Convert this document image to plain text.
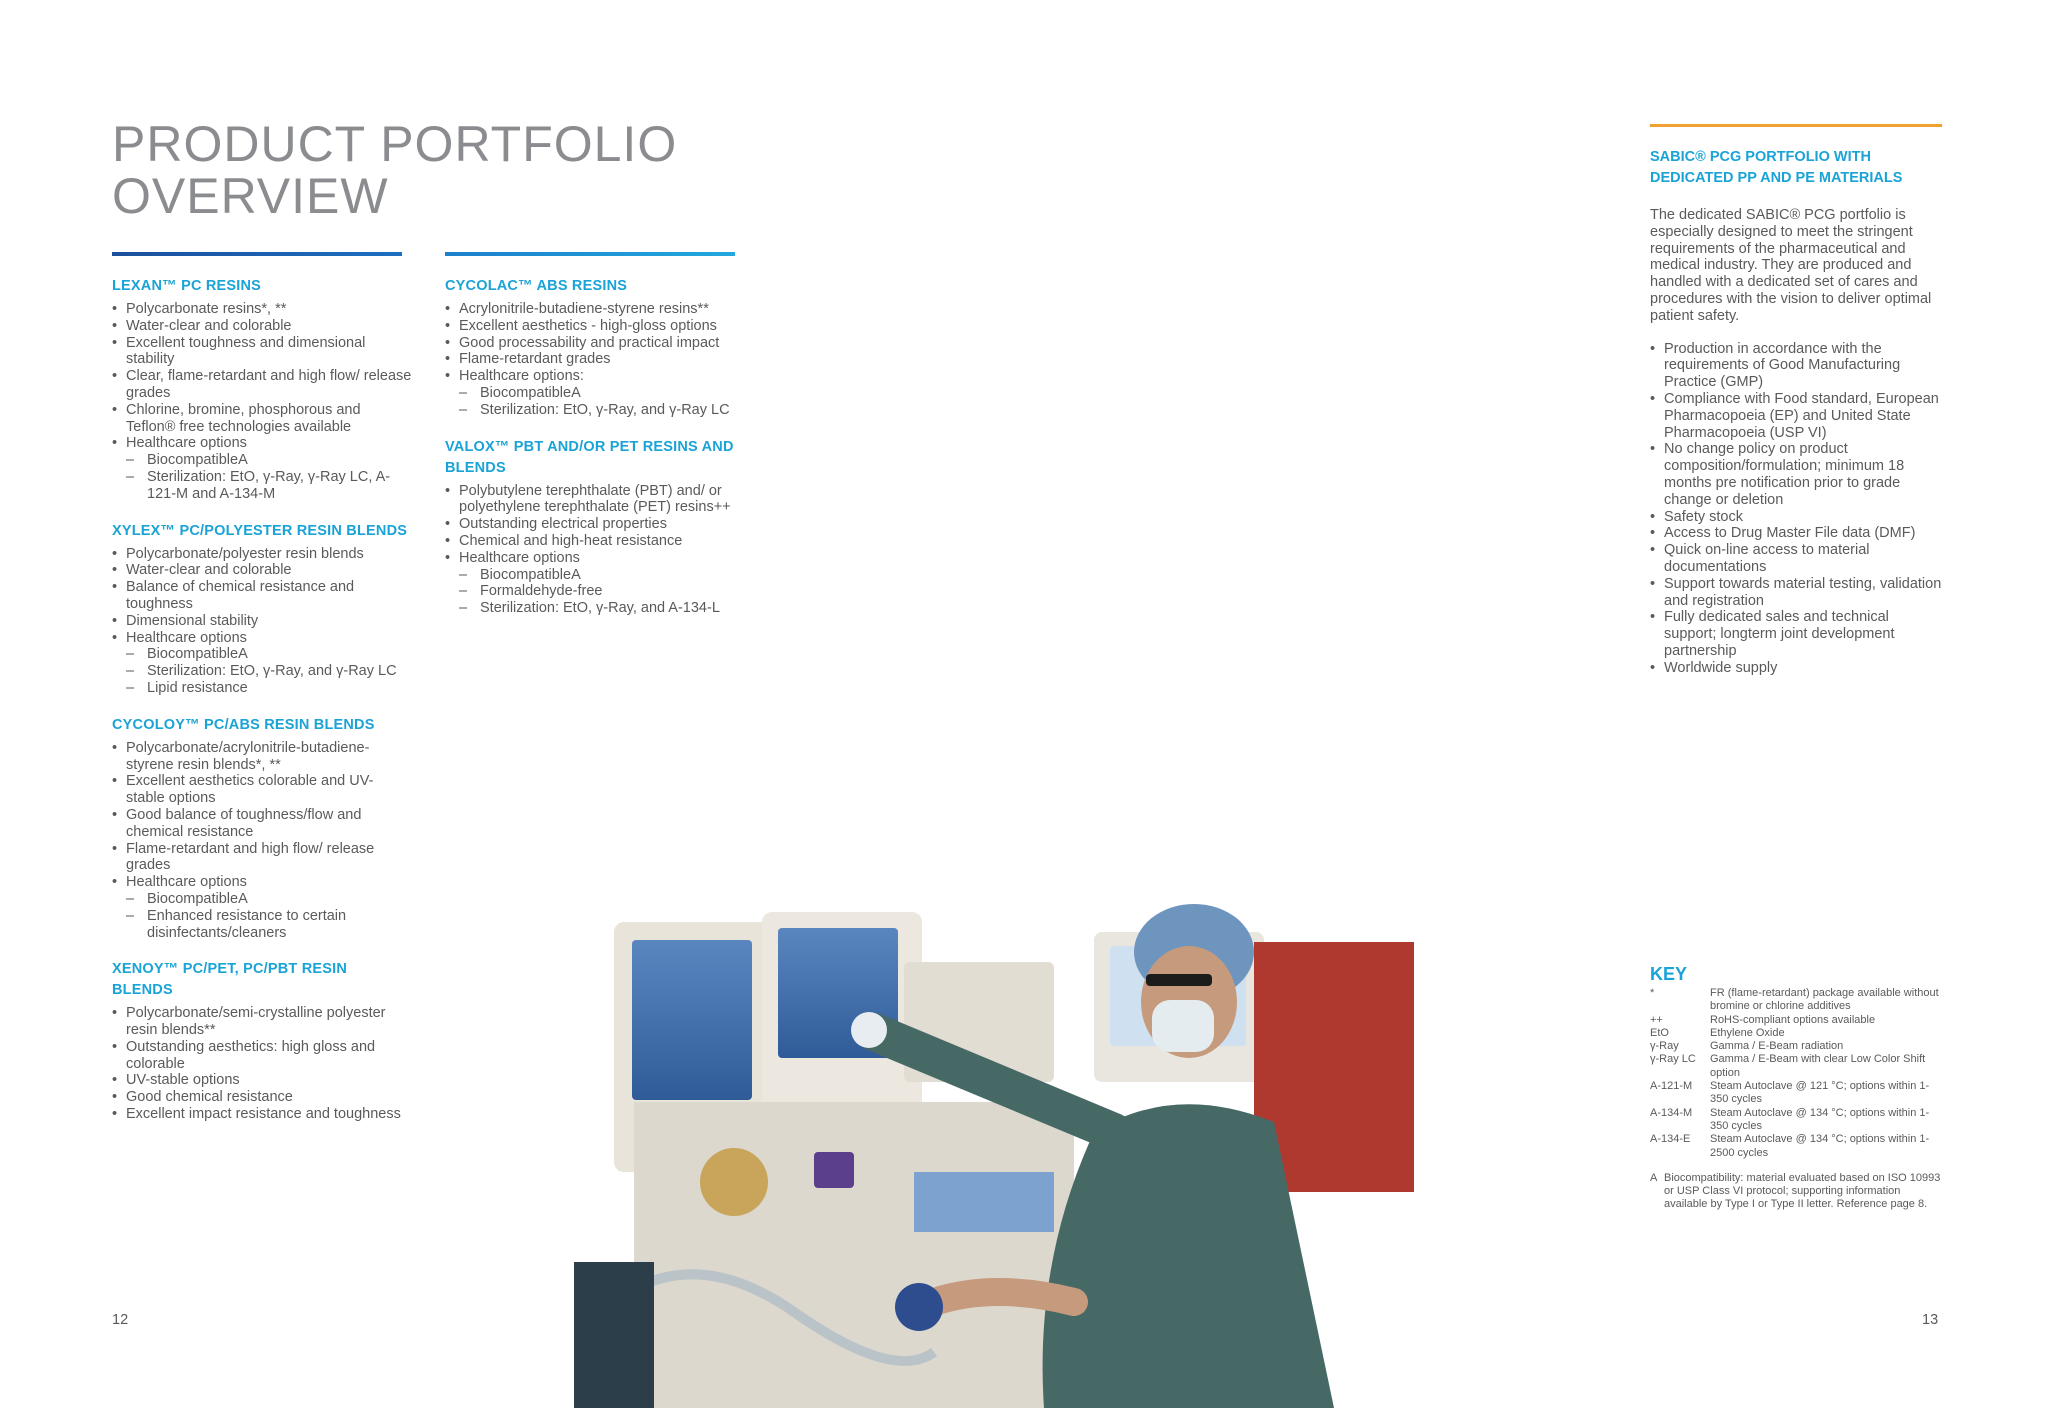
PRODUCT PORTFOLIO
OVERVIEW
LEXAN™ PC RESINS
• Polycarbonate resins*, **
• Water-clear and colorable
• Excellent toughness and dimensional stability
• Clear, flame-retardant and high flow/ release grades
• Chlorine, bromine, phosphorous and Teflon® free technologies available
• Healthcare options
– BiocompatibleA
– Sterilization: EtO, γ-Ray, γ-Ray LC, A-121-M and A-134-M
XYLEX™ PC/POLYESTER RESIN BLENDS
• Polycarbonate/polyester resin blends
• Water-clear and colorable
• Balance of chemical resistance and toughness
• Dimensional stability
• Healthcare options
– BiocompatibleA
– Sterilization: EtO, γ-Ray, and γ-Ray LC
– Lipid resistance
CYCOLOY™ PC/ABS RESIN BLENDS
• Polycarbonate/acrylonitrile-butadiene-styrene resin blends*, **
• Excellent aesthetics colorable and UV-stable options
• Good balance of toughness/flow and chemical resistance
• Flame-retardant and high flow/ release grades
• Healthcare options
– BiocompatibleA
– Enhanced resistance to certain disinfectants/cleaners
XENOY™ PC/PET, PC/PBT RESIN BLENDS
• Polycarbonate/semi-crystalline polyester resin blends**
• Outstanding aesthetics: high gloss and colorable
• UV-stable options
• Good chemical resistance
• Excellent impact resistance and toughness
CYCOLAC™ ABS RESINS
• Acrylonitrile-butadiene-styrene resins**
• Excellent aesthetics - high-gloss options
• Good processability and practical impact
• Flame-retardant grades
• Healthcare options:
– BiocompatibleA
– Sterilization: EtO, γ-Ray, and γ-Ray LC
VALOX™ PBT AND/OR PET RESINS AND BLENDS
• Polybutylene terephthalate (PBT) and/ or polyethylene terephthalate (PET) resins++
• Outstanding electrical properties
• Chemical and high-heat resistance
• Healthcare options
– BiocompatibleA
– Formaldehyde-free
– Sterilization: EtO, γ-Ray, and A-134-L
SABIC® PCG PORTFOLIO WITH DEDICATED PP AND PE MATERIALS

The dedicated SABIC® PCG portfolio is especially designed to meet the stringent requirements of the pharmaceutical and medical industry. They are produced and handled with a dedicated set of cares and procedures with the vision to deliver optimal patient safety.

• Production in accordance with the requirements of Good Manufacturing Practice (GMP)
• Compliance with Food standard, European Pharmacopoeia (EP) and United State Pharmacopoeia (USP VI)
• No change policy on product composition/formulation; minimum 18 months pre notification prior to grade change or deletion
• Safety stock
• Access to Drug Master File data (DMF)
• Quick on-line access to material documentations
• Support towards material testing, validation and registration
• Fully dedicated sales and technical support; longterm joint development partnership
• Worldwide supply
KEY
*	FR (flame-retardant) package available without bromine or chlorine additives
++	RoHS-compliant options available
EtO	Ethylene Oxide
γ-Ray	Gamma / E-Beam radiation
γ-Ray LC	Gamma / E-Beam with clear Low Color Shift option
A-121-M	Steam Autoclave @ 121 °C; options within 1-350 cycles
A-134-M	Steam Autoclave @ 134 °C; options within 1-350 cycles
A-134-E	Steam Autoclave @ 134 °C; options within 1-2500 cycles
A Biocompatibility: material evaluated based on ISO 10993 or USP Class VI protocol; supporting information available by Type I or Type II letter. Reference page 8.
12	13
